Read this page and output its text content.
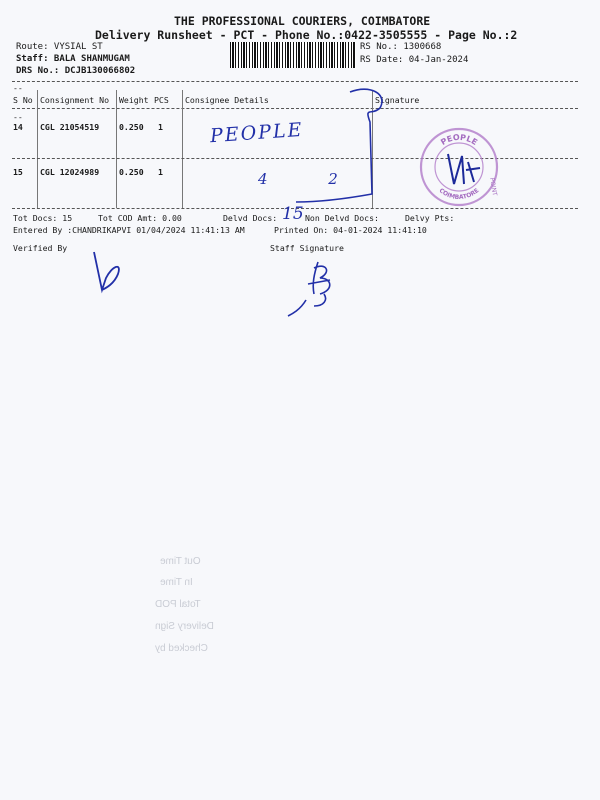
THE PROFESSIONAL COURIERS, COIMBATORE
Delivery Runsheet - PCT - Phone No.:0422-3505555 - Page No.:2
Route: VYSIAL ST
Staff: BALA SHANMUGAM
DRS No.: DCJB130066802
RS No.: 1300668
RS Date: 04-Jan-2024
--
S No Consignment No Weight PCS Consignee Details	Signature
--
14 CGL 21054519 0.250 1
15 CGL 12024989 0.250 1
PEOPLE
4 2
PEOPLE
COIMBATORE POINT
Tot Docs: 15	Tot COD Amt: 0.00	Delvd Docs: 15 Non Delvd Docs:	Delvy Pts:
Entered By :CHANDRIKAPVI 01/04/2024 11:41:13 AM	Printed On: 04-01-2024 11:41:10
Verified By	Staff Signature
Out Time
In Time
Total POD
Delivery Sign
Checked by
